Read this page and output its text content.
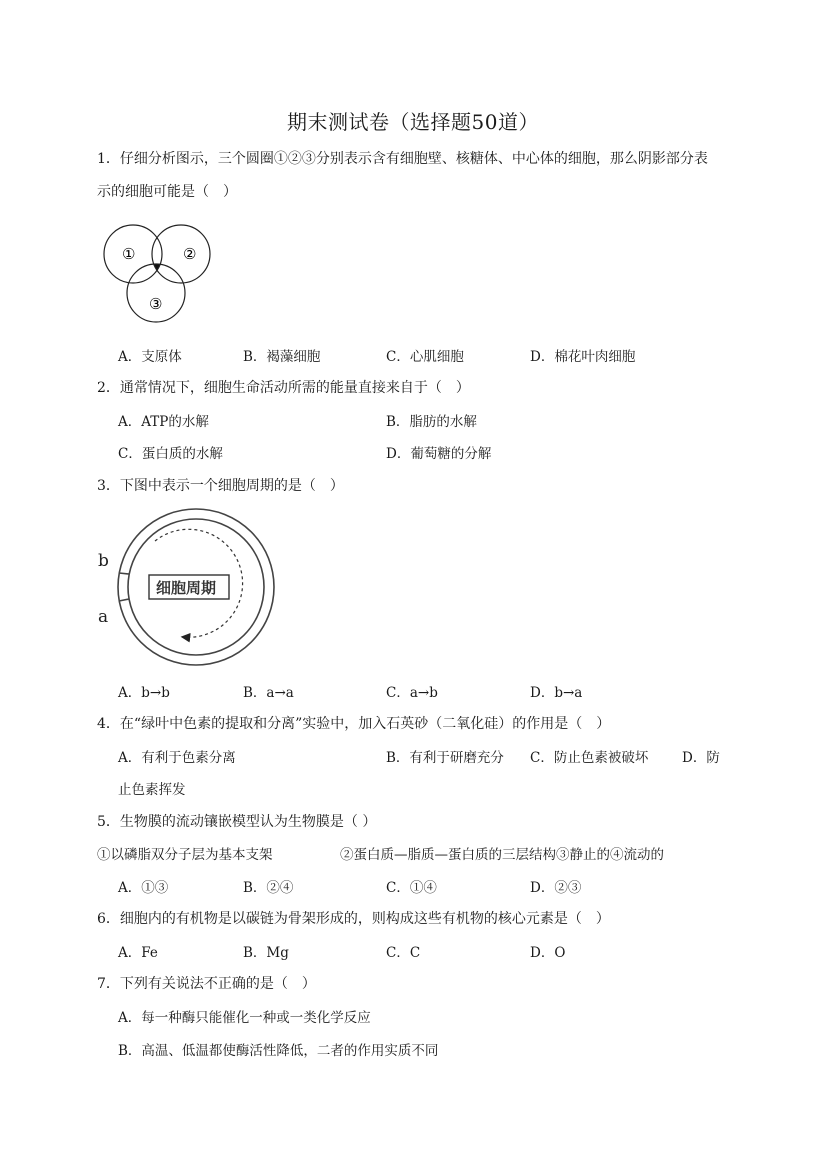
期末测试卷（选择题50道）
1．仔细分析图示，三个圆圈①②③分别表示含有细胞壁、核糖体、中心体的细胞，那么阴影部分表
示的细胞可能是（　）
①	②
③
A．支原体	B．褐藻细胞	C．心肌细胞	D．棉花叶肉细胞
2．通常情况下，细胞生命活动所需的能量直接来自于（　）
A．ATP的水解	B．脂肪的水解
C．蛋白质的水解	D．葡萄糖的分解
3．下图中表示一个细胞周期的是（　）
细胞周期
b
a
A．b→b	B．a→a	C．a→b	D．b→a
4．在“绿叶中色素的提取和分离”实验中，加入石英砂（二氧化硅）的作用是（　）
A．有利于色素分离	B．有利于研磨充分 C．防止色素被破坏 D．防
止色素挥发
5．生物膜的流动镶嵌模型认为生物膜是（ ）
①以磷脂双分子层为基本支架	②蛋白质—脂质—蛋白质的三层结构③静止的④流动的
A．①③	B．②④	C．①④	D．②③
6．细胞内的有机物是以碳链为骨架形成的，则构成这些有机物的核心元素是（　）
A．Fe	B．Mg	C．C	D．O
7．下列有关说法不正确的是（　）
A．每一种酶只能催化一种或一类化学反应
B．高温、低温都使酶活性降低，二者的作用实质不同
